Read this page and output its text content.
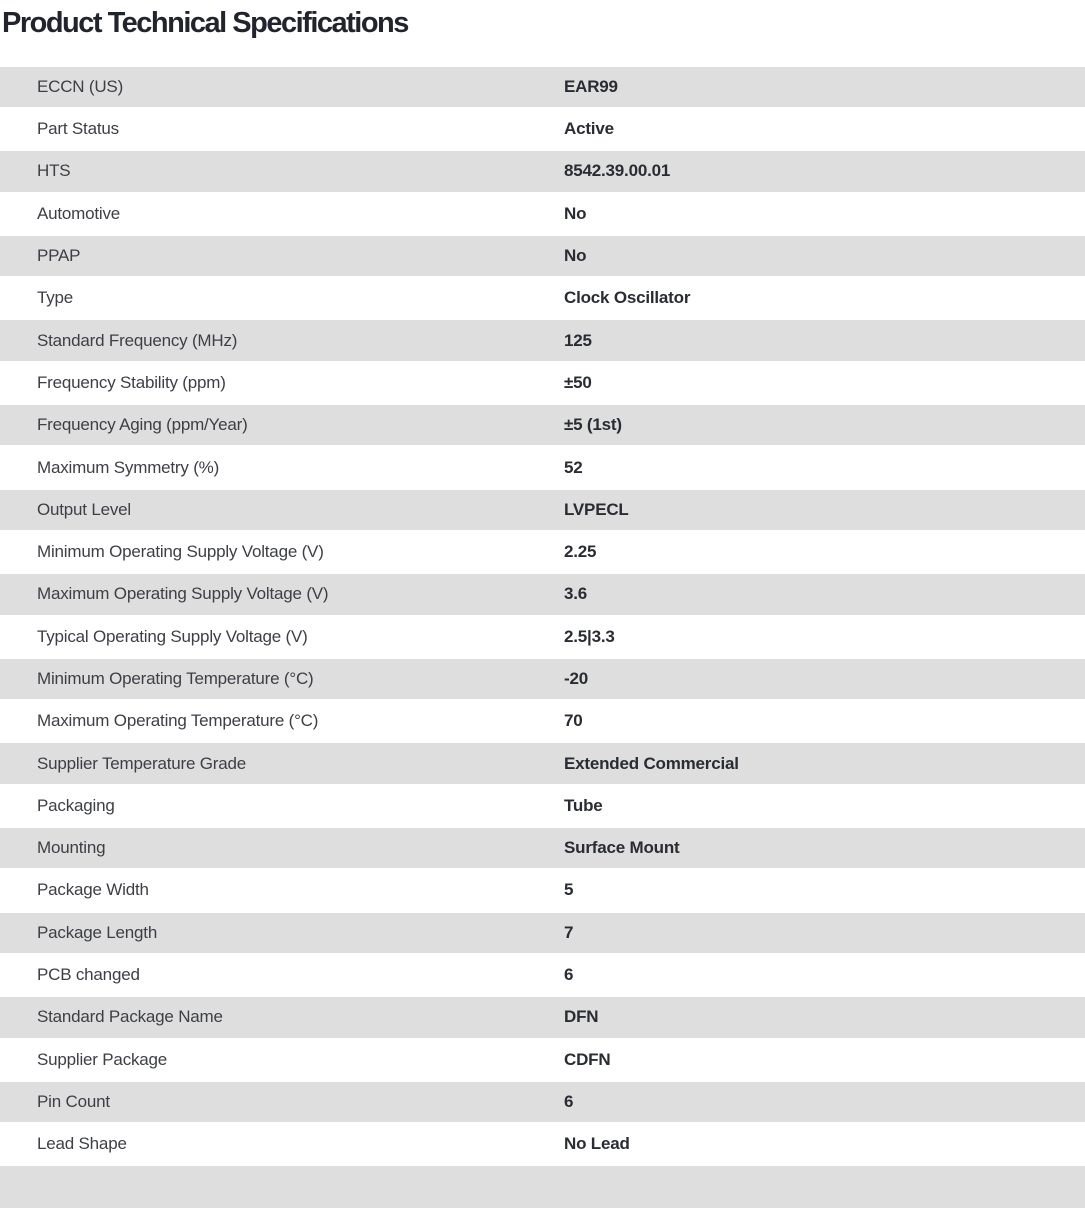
Product Technical Specifications
ECCN (US)	EAR99
Part Status	Active
HTS	8542.39.00.01
Automotive	No
PPAP	No
Type	Clock Oscillator
Standard Frequency (MHz)	125
Frequency Stability (ppm)	±50
Frequency Aging (ppm/Year)	±5 (1st)
Maximum Symmetry (%)	52
Output Level	LVPECL
Minimum Operating Supply Voltage (V)	2.25
Maximum Operating Supply Voltage (V)	3.6
Typical Operating Supply Voltage (V)	2.5|3.3
Minimum Operating Temperature (°C)	-20
Maximum Operating Temperature (°C)	70
Supplier Temperature Grade	Extended Commercial
Packaging	Tube
Mounting	Surface Mount
Package Width	5
Package Length	7
PCB changed	6
Standard Package Name	DFN
Supplier Package	CDFN
Pin Count	6
Lead Shape	No Lead
